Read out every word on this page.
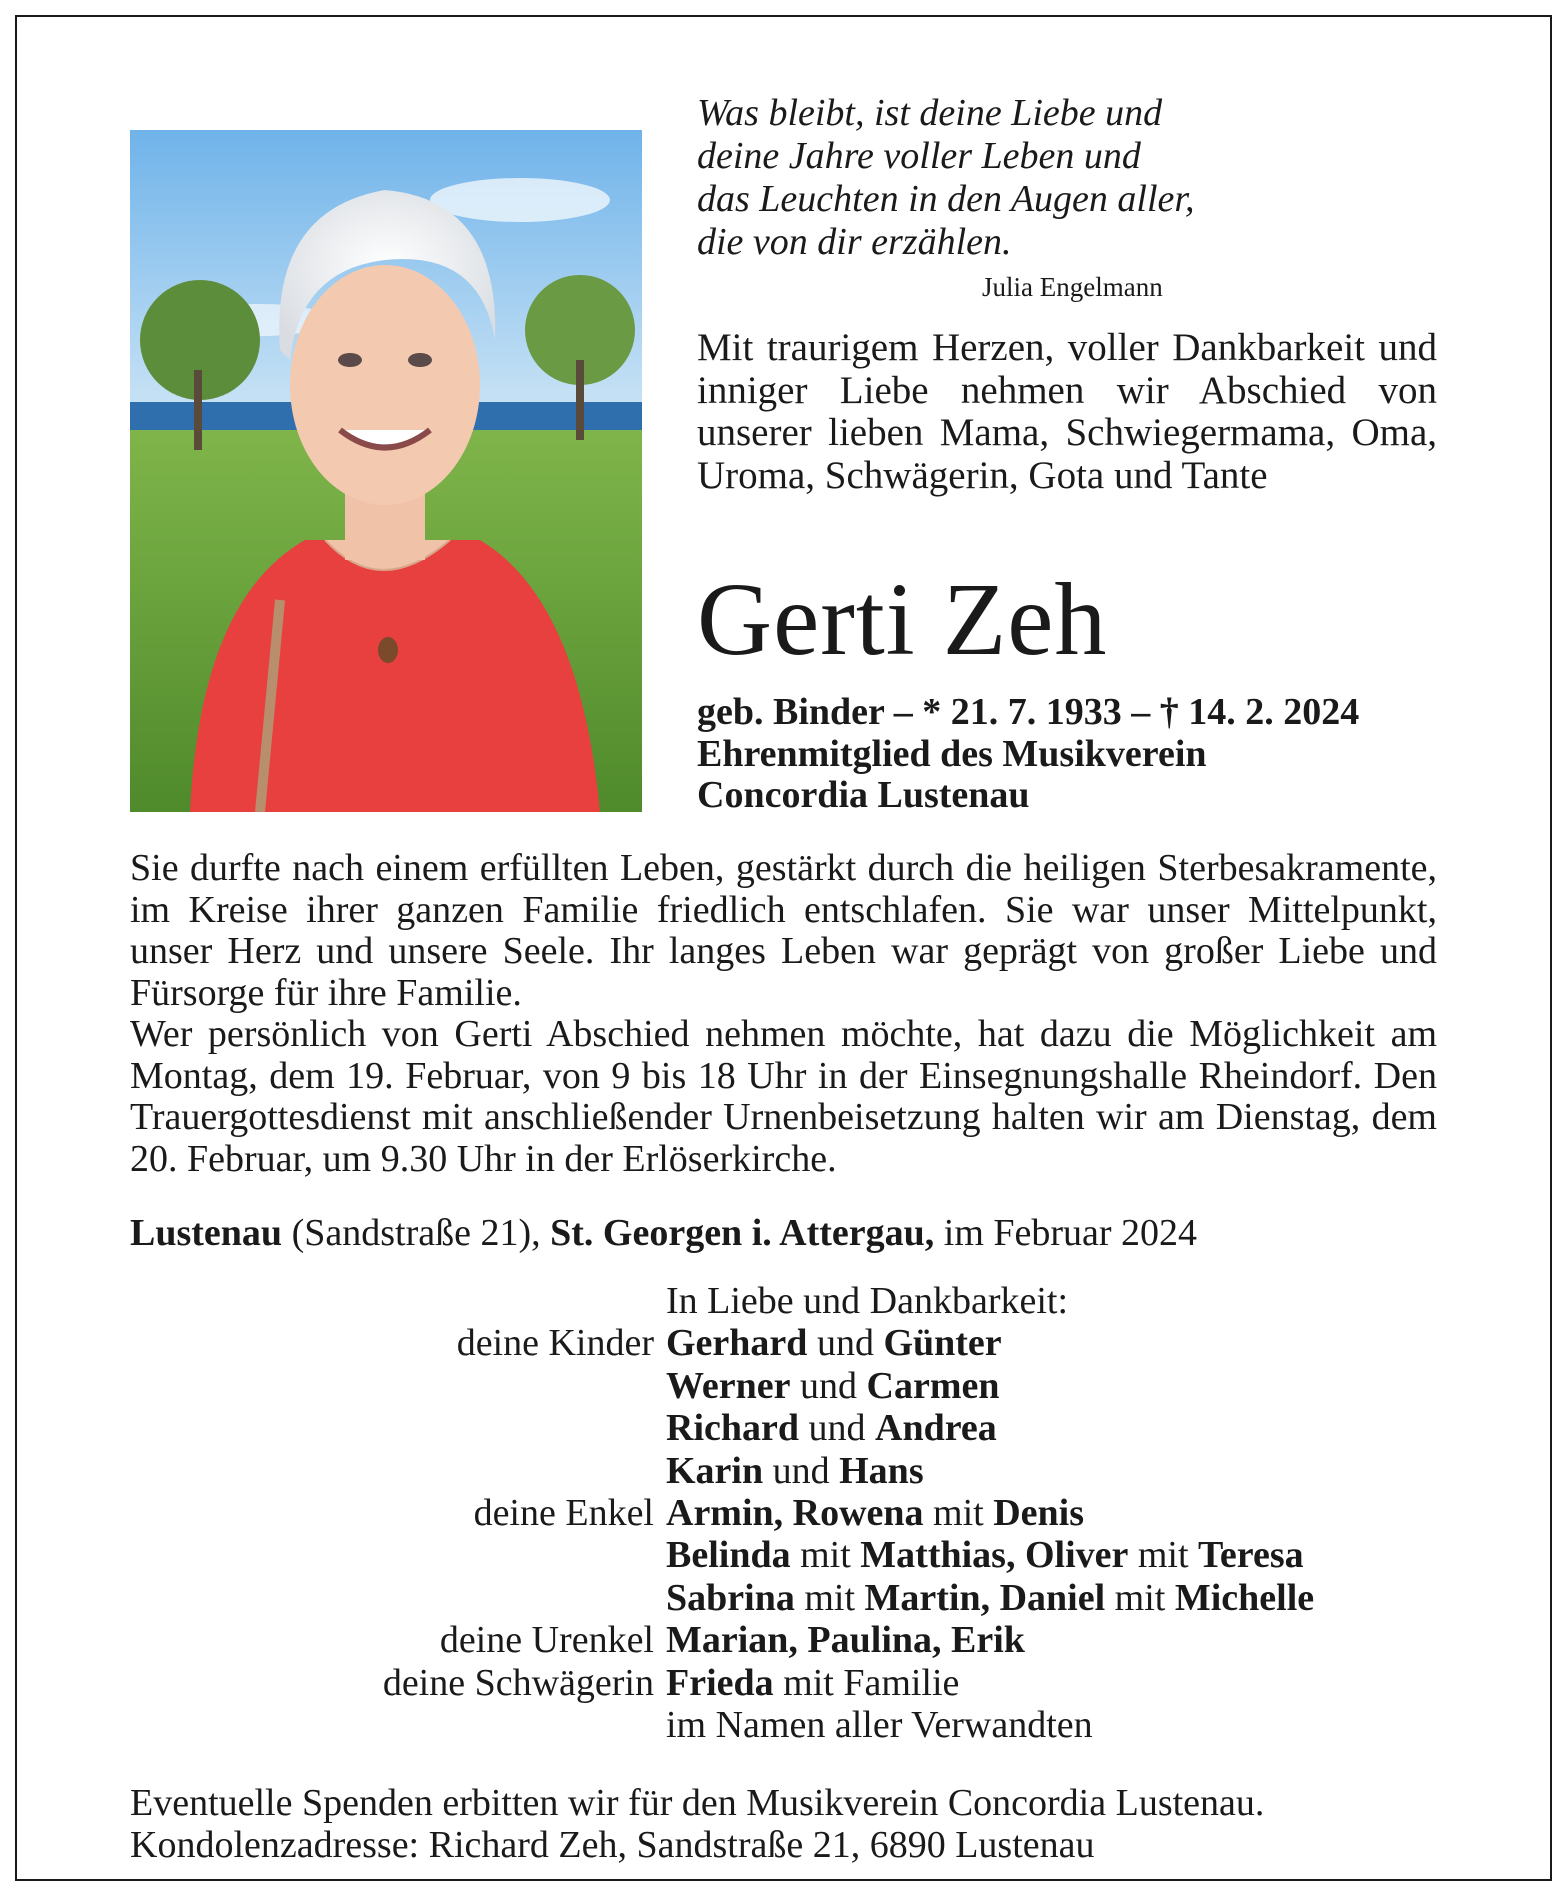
Was bleibt, ist deine Liebe und
deine Jahre voller Leben und
das Leuchten in den Augen aller,
die von dir erzählen.
Julia Engelmann
Mit traurigem Herzen, voller Dankbarkeit und inniger Liebe nehmen wir Abschied von unserer lieben Mama, Schwiegermama, Oma, Uroma, Schwägerin, Gota und Tante
Gerti Zeh
geb. Binder – * 21. 7. 1933 – † 14. 2. 2024
Ehrenmitglied des Musikverein
Concordia Lustenau

Sie durfte nach einem erfüllten Leben, gestärkt durch die heiligen Sterbesakramente, im Kreise ihrer ganzen Familie friedlich entschlafen. Sie war unser Mittelpunkt, unser Herz und unsere Seele. Ihr langes Leben war geprägt von großer Liebe und Fürsorge für ihre Familie.

Wer persönlich von Gerti Abschied nehmen möchte, hat dazu die Möglichkeit am Montag, dem 19. Februar, von 9 bis 18 Uhr in der Einsegnungshalle Rheindorf. Den Trauergottesdienst mit anschließender Urnenbeisetzung halten wir am Dienstag, dem 20. Februar, um 9.30 Uhr in der Erlöserkirche.

Lustenau (Sandstraße 21), St. Georgen i. Attergau, im Februar 2024
In Liebe und Dankbarkeit:
deine Kinder Gerhard und Günter
Werner und Carmen
Richard und Andrea
Karin und Hans
deine Enkel Armin, Rowena mit Denis
Belinda mit Matthias, Oliver mit Teresa
Sabrina mit Martin, Daniel mit Michelle
deine Urenkel Marian, Paulina, Erik
deine Schwägerin Frieda mit Familie
im Namen aller Verwandten
Eventuelle Spenden erbitten wir für den Musikverein Concordia Lustenau.
Kondolenzadresse: Richard Zeh, Sandstraße 21, 6890 Lustenau
